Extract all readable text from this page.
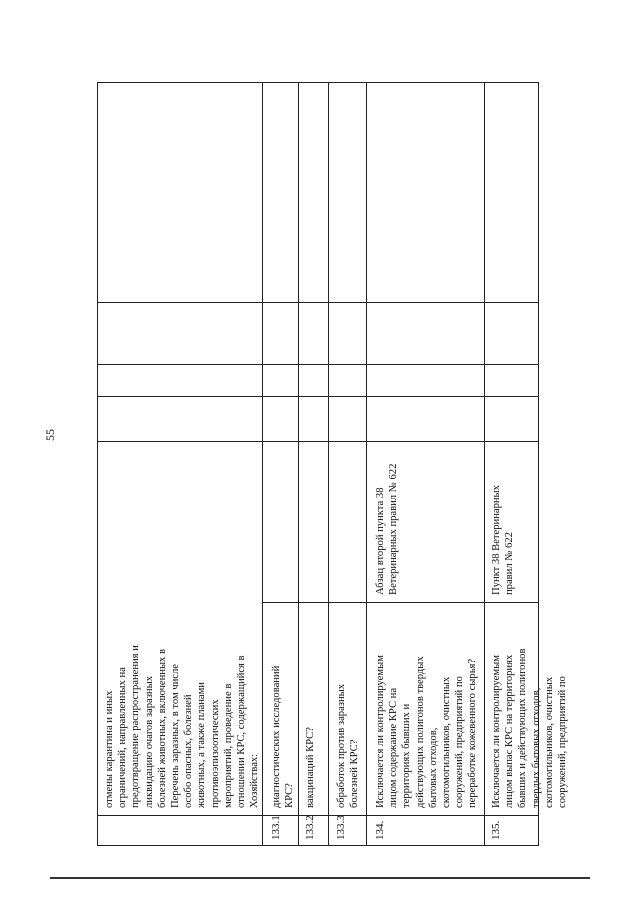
55
отмены карантина и иных
ограничений, направленных на
предотвращение распространения и
ликвидацию очагов заразных
болезней животных, включенных в
Перечень заразных, в том числе
особо опасных, болезней
животных, а также планами
противоэпизоотических
мероприятий, проведение в
отношении КРС, содержащийся в
Хозяйствах:
133.1
диагностических исследований
КРС?
133.2
вакцинаций КРС?
133.3
обработок против заразных
болезней КРС?
134.
Исключается ли контролируемым
лицом содержание КРС на
территориях бывших и
действующих полигонов твердых
бытовых отходов,
скотомогильников, очистных
сооружений, предприятий по
переработке кожевенного сырья?
Абзац второй пункта 38
Ветеринарных правил № 622
135.
Исключается ли контролируемым
лицом выпас КРС на территориях
бывших и действующих полигонов
твердых бытовых отходов,
скотомогильников, очистных
сооружений, предприятий по
Пункт 38 Ветеринарных
правил № 622
